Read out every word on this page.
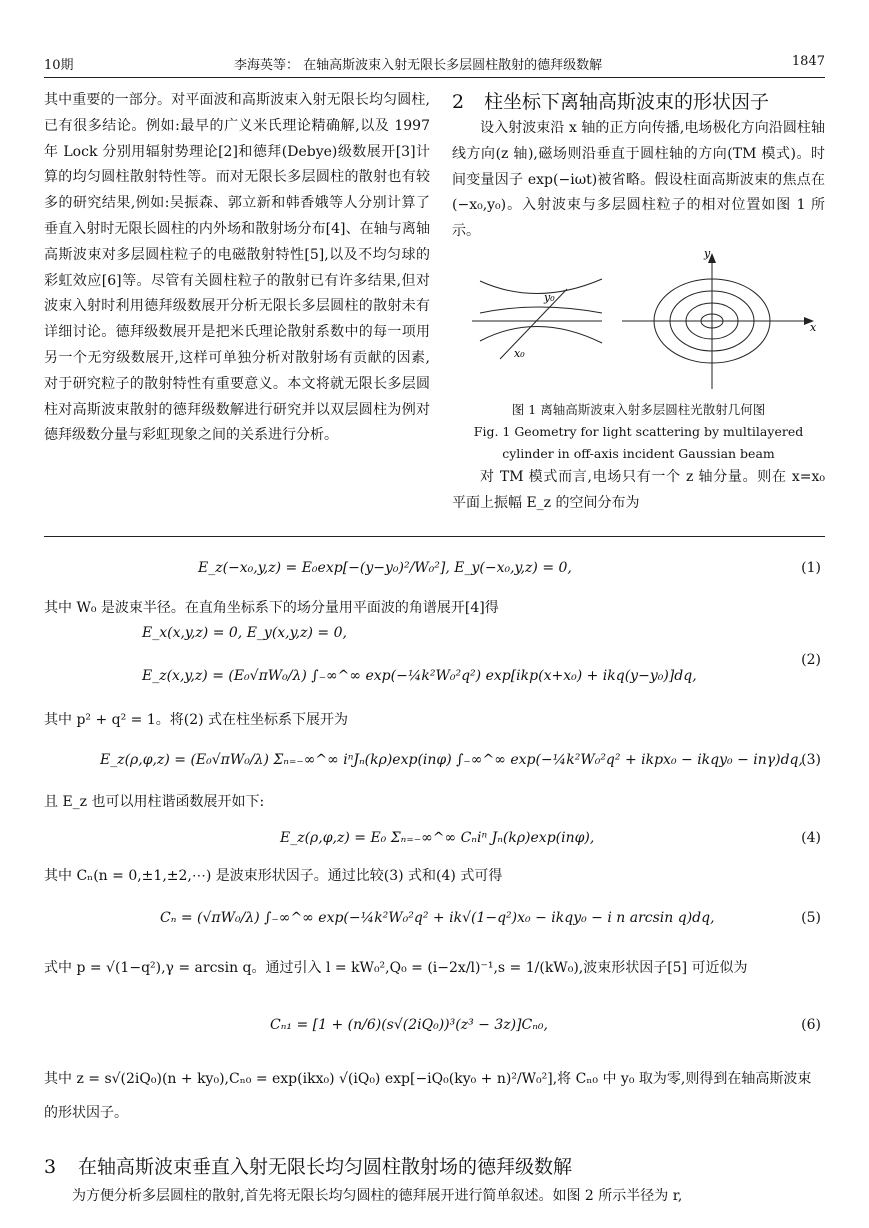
10期	李海英等： 在轴高斯波束入射无限长多层圆柱散射的德拜级数解	1847

其中重要的一部分。对平面波和高斯波束入射无限长均匀圆柱,已有很多结论。例如:最早的广义米氏理论精确解,以及 1997 年 Lock 分别用辐射势理论[2]和德拜(Debye)级数展开[3]计算的均匀圆柱散射特性等。而对无限长多层圆柱的散射也有较多的研究结果,例如:吴振森、郭立新和韩香娥等人分别计算了垂直入射时无限长圆柱的内外场和散射场分布[4]、在轴与离轴高斯波束对多层圆柱粒子的电磁散射特性[5],以及不均匀球的彩虹效应[6]等。尽管有关圆柱粒子的散射已有许多结果,但对波束入射时利用德拜级数展开分析无限长多层圆柱的散射未有详细讨论。德拜级数展开是把米氏理论散射系数中的每一项用另一个无穷级数展开,这样可单独分析对散射场有贡献的因素,对于研究粒子的散射特性有重要意义。本文将就无限长多层圆柱对高斯波束散射的德拜级数解进行研究并以双层圆柱为例对德拜级数分量与彩虹现象之间的关系进行分析。

2 柱坐标下离轴高斯波束的形状因子

设入射波束沿 x 轴的正方向传播,电场极化方向沿圆柱轴线方向(z 轴),磁场则沿垂直于圆柱轴的方向(TM 模式)。时间变量因子 exp(−iωt)被省略。假设柱面高斯波束的焦点在(−x₀,y₀)。入射波束与多层圆柱粒子的相对位置如图 1 所示。

y₀
x₀
y
x

图 1 离轴高斯波束入射多层圆柱光散射几何图

Fig. 1 Geometry for light scattering by multilayered

cylinder in off-axis incident Gaussian beam

对 TM 模式而言,电场只有一个 z 轴分量。则在 x=x₀ 平面上振幅 E_z 的空间分布为

E_z(−x₀,y,z) = E₀exp[−(y−y₀)²/W₀²], E_y(−x₀,y,z) = 0,	(1)
其中 W₀ 是波束半径。在直角坐标系下的场分量用平面波的角谱展开[4]得
E_x(x,y,z) = 0, E_y(x,y,z) = 0,
E_z(x,y,z) = (E₀√πW₀/λ) ∫₋∞^∞ exp(−¼k²W₀²q²) exp[ikp(x+x₀) + ikq(y−y₀)]dq,
(2)
其中 p² + q² = 1。将(2) 式在柱坐标系下展开为
E_z(ρ,φ,z) = (E₀√πW₀/λ) Σₙ₌₋∞^∞ iⁿJₙ(kρ)exp(inφ) ∫₋∞^∞ exp(−¼k²W₀²q² + ikpx₀ − ikqy₀ − inγ)dq,
(3)
且 E_z 也可以用柱谐函数展开如下:
E_z(ρ,φ,z) = E₀ Σₙ₌₋∞^∞ Cₙiⁿ Jₙ(kρ)exp(inφ),	(4)
其中 Cₙ(n = 0,±1,±2,⋯) 是波束形状因子。通过比较(3) 式和(4) 式可得
Cₙ = (√πW₀/λ) ∫₋∞^∞ exp(−¼k²W₀²q² + ik√(1−q²)x₀ − ikqy₀ − i n arcsin q)dq,	(5)
式中 p = √(1−q²),γ = arcsin q。通过引入 l = kW₀²,Q₀ = (i−2x/l)⁻¹,s = 1/(kW₀),波束形状因子[5] 可近似为
Cₙ₁ = [1 + (n/6)(s√(2iQ₀))³(z³ − 3z)]Cₙ₀,	(6)
其中 z = s√(2iQ₀)(n + ky₀),Cₙ₀ = exp(ikx₀) √(iQ₀) exp[−iQ₀(ky₀ + n)²/W₀²],将 Cₙ₀ 中 y₀ 取为零,则得到在轴高斯波束的形状因子。
3 在轴高斯波束垂直入射无限长均匀圆柱散射场的德拜级数解
为方便分析多层圆柱的散射,首先将无限长均匀圆柱的德拜展开进行简单叙述。如图 2 所示半径为 r,
